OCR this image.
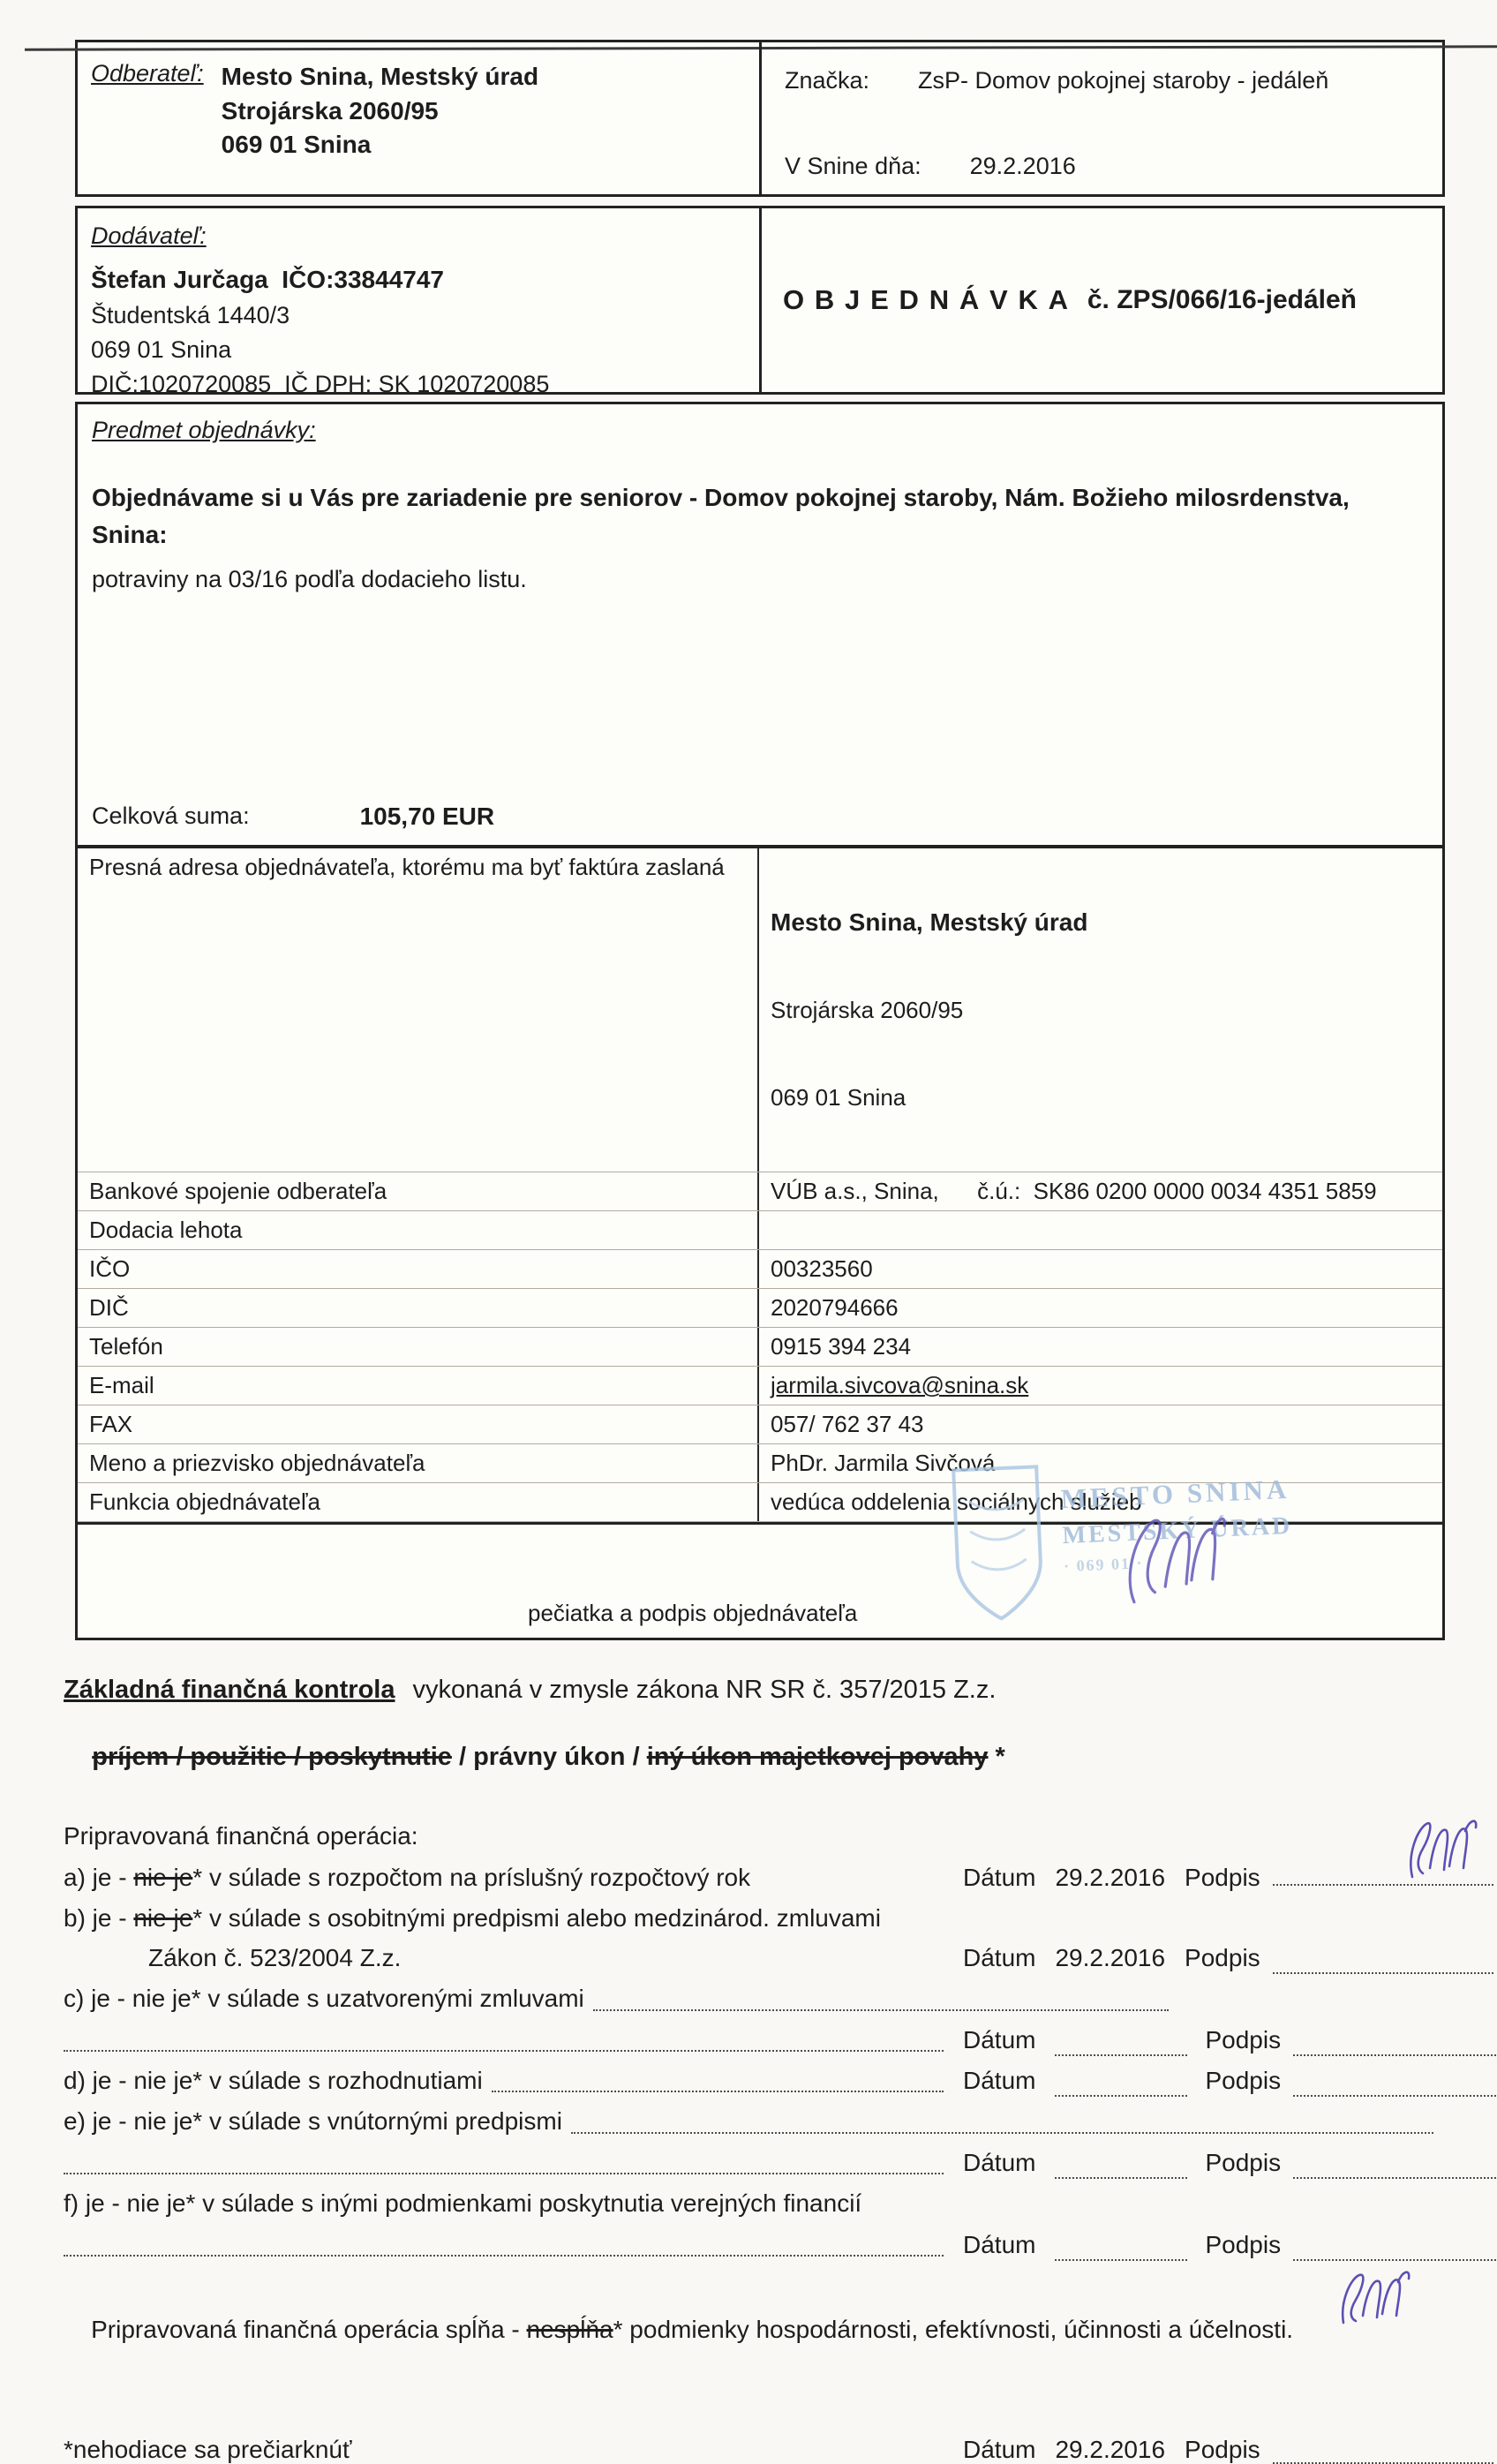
Odberateľ: Mesto Snina, Mestský úrad
Strojárska 2060/95
069 01 Snina
Značka: ZsP- Domov pokojnej staroby - jedáleň
V Snine dňa: 29.2.2016
Dodávateľ:
Štefan Jurčaga  IČO:33844747
Študentská 1440/3
069 01 Snina
DIČ:1020720085  IČ DPH: SK 1020720085
OBJEDNÁVKA č. ZPS/066/16-jedáleň
Predmet objednávky:
Objednávame si u Vás pre zariadenie pre seniorov - Domov pokojnej staroby, Nám. Božieho milosrdenstva, Snina:
potraviny na 03/16 podľa dodacieho listu.
Celková suma:	105,70 EUR
Presná adresa objednávateľa, ktorému ma byť faktúra zaslaná

Mesto Snina, Mestský úrad

Strojárska 2060/95

069 01 Snina

Bankové spojenie odberateľa	VÚB a.s., Snina,      č.ú.:  SK86 0200 0000 0034 4351 5859
Dodacia lehota
IČO	00323560
DIČ	2020794666
Telefón	0915 394 234
E-mail	jarmila.sivcova@snina.sk
FAX	057/ 762 37 43
Meno a priezvisko objednávateľa	PhDr. Jarmila Sivčová
Funkcia objednávateľa	vedúca oddelenia sociálnych služieb
MESTO SNINA
MESTSKÝ ÚRAD
· 069 01 ·
pečiatka a podpis objednávateľa
Základná finančná kontrola vykonaná v zmysle zákona NR SR č. 357/2015 Z.z.

príjem / použitie / poskytnutie / právny úkon / iný úkon majetkovej povahy *

Pripravovaná finančná operácia:
a) je - nie je * v súlade s rozpočtom na príslušný rozpočtový rok	Dátum 29.2.2016 Podpis
b) je - nie je* v súlade s osobitnými predpismi alebo medzinárod. zmluvami
Zákon č. 523/2004 Z.z.	Dátum 29.2.2016 Podpis
c) je - nie je* v súlade s uzatvorenými zmluvami
Dátum	Podpis
d) je - nie je* v súlade s rozhodnutiami	Dátum	Podpis
e) je - nie je* v súlade s vnútornými predpismi
Dátum	Podpis
f) je - nie je* v súlade s inými podmienkami poskytnutia verejných financií
Dátum	Podpis

Pripravovaná finančná operácia spĺňa - nespĺňa* podmienky hospodárnosti, efektívnosti, účinnosti a účelnosti.

*nehodiace sa prečiarknúť	Dátum 29.2.2016 Podpis
